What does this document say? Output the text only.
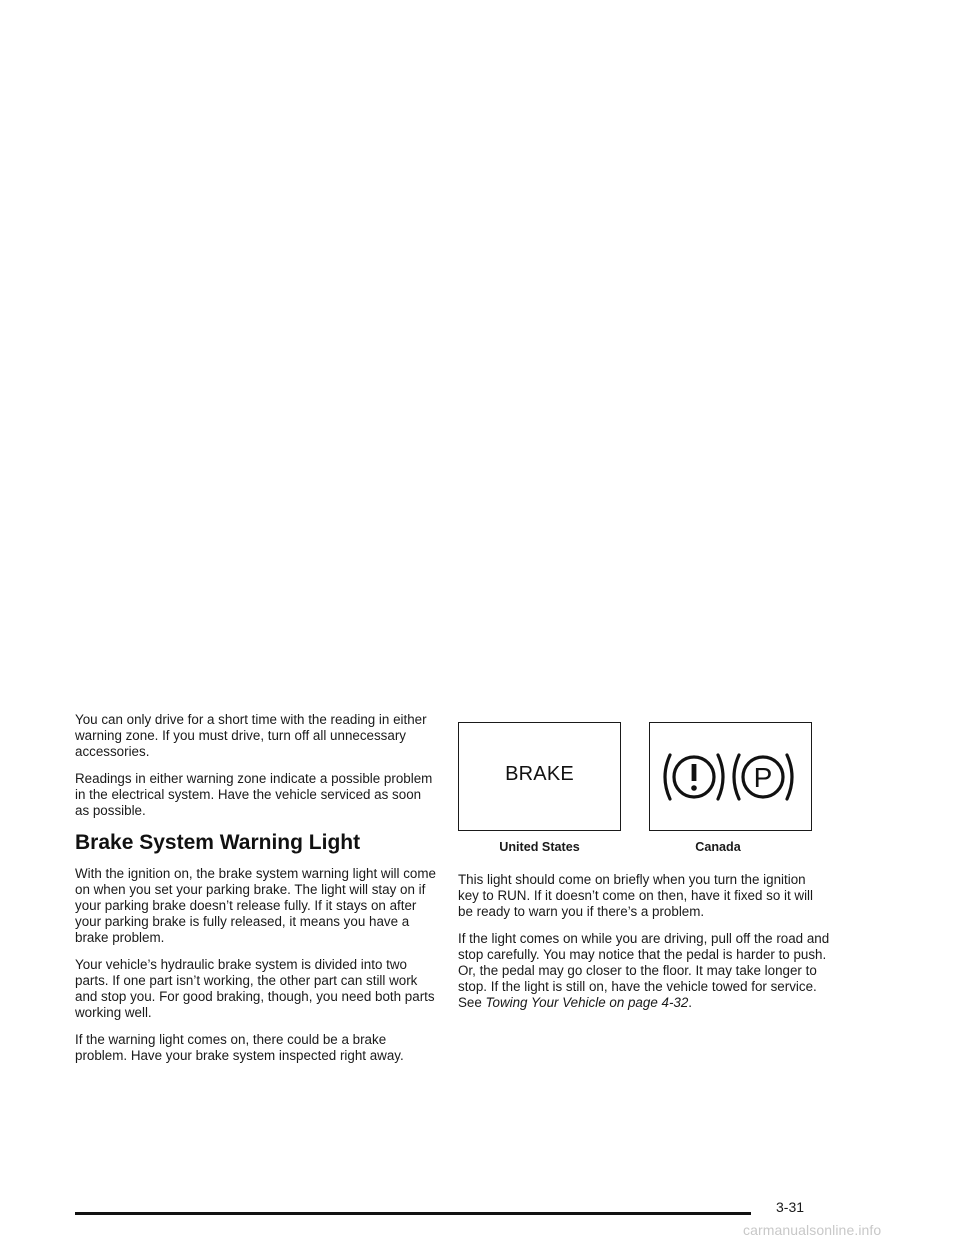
You can only drive for a short time with the reading in either warning zone. If you must drive, turn off all unnecessary accessories.

Readings in either warning zone indicate a possible problem in the electrical system. Have the vehicle serviced as soon as possible.

Brake System Warning Light

With the ignition on, the brake system warning light will come on when you set your parking brake. The light will stay on if your parking brake doesn’t release fully. If it stays on after your parking brake is fully released, it means you have a brake problem.

Your vehicle’s hydraulic brake system is divided into two parts. If one part isn’t working, the other part can still work and stop you. For good braking, though, you need both parts working well.

If the warning light comes on, there could be a brake problem. Have your brake system inspected right away.

BRAKE
United States
P
Canada

This light should come on briefly when you turn the ignition key to RUN. If it doesn’t come on then, have it fixed so it will be ready to warn you if there’s a problem.

If the light comes on while you are driving, pull off the road and stop carefully. You may notice that the pedal is harder to push. Or, the pedal may go closer to the floor. It may take longer to stop. If the light is still on, have the vehicle towed for service. See Towing Your Vehicle on page 4-32.

3-31
carmanualsonline.info
